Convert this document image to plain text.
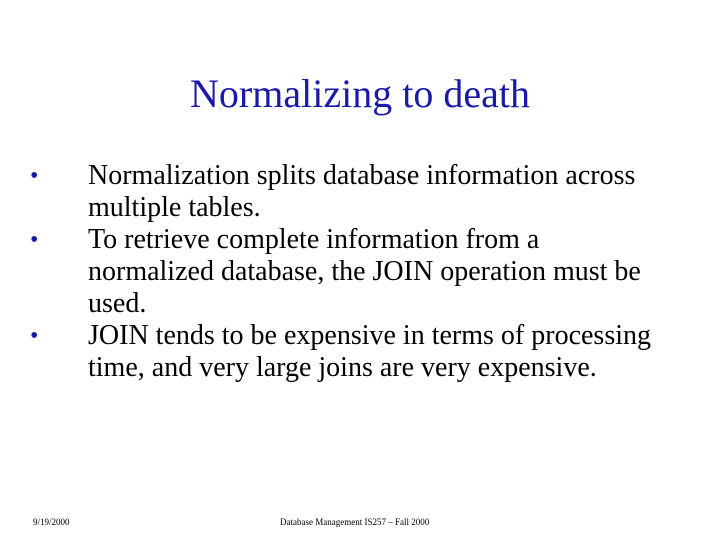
Normalizing to death
•	Normalization splits database information across multiple tables.
•	To retrieve complete information from a normalized database, the JOIN operation must be used.
•	JOIN tends to be expensive in terms of processing time, and very large joins are very expensive.
9/19/2000	Database Management IS257 – Fall 2000
